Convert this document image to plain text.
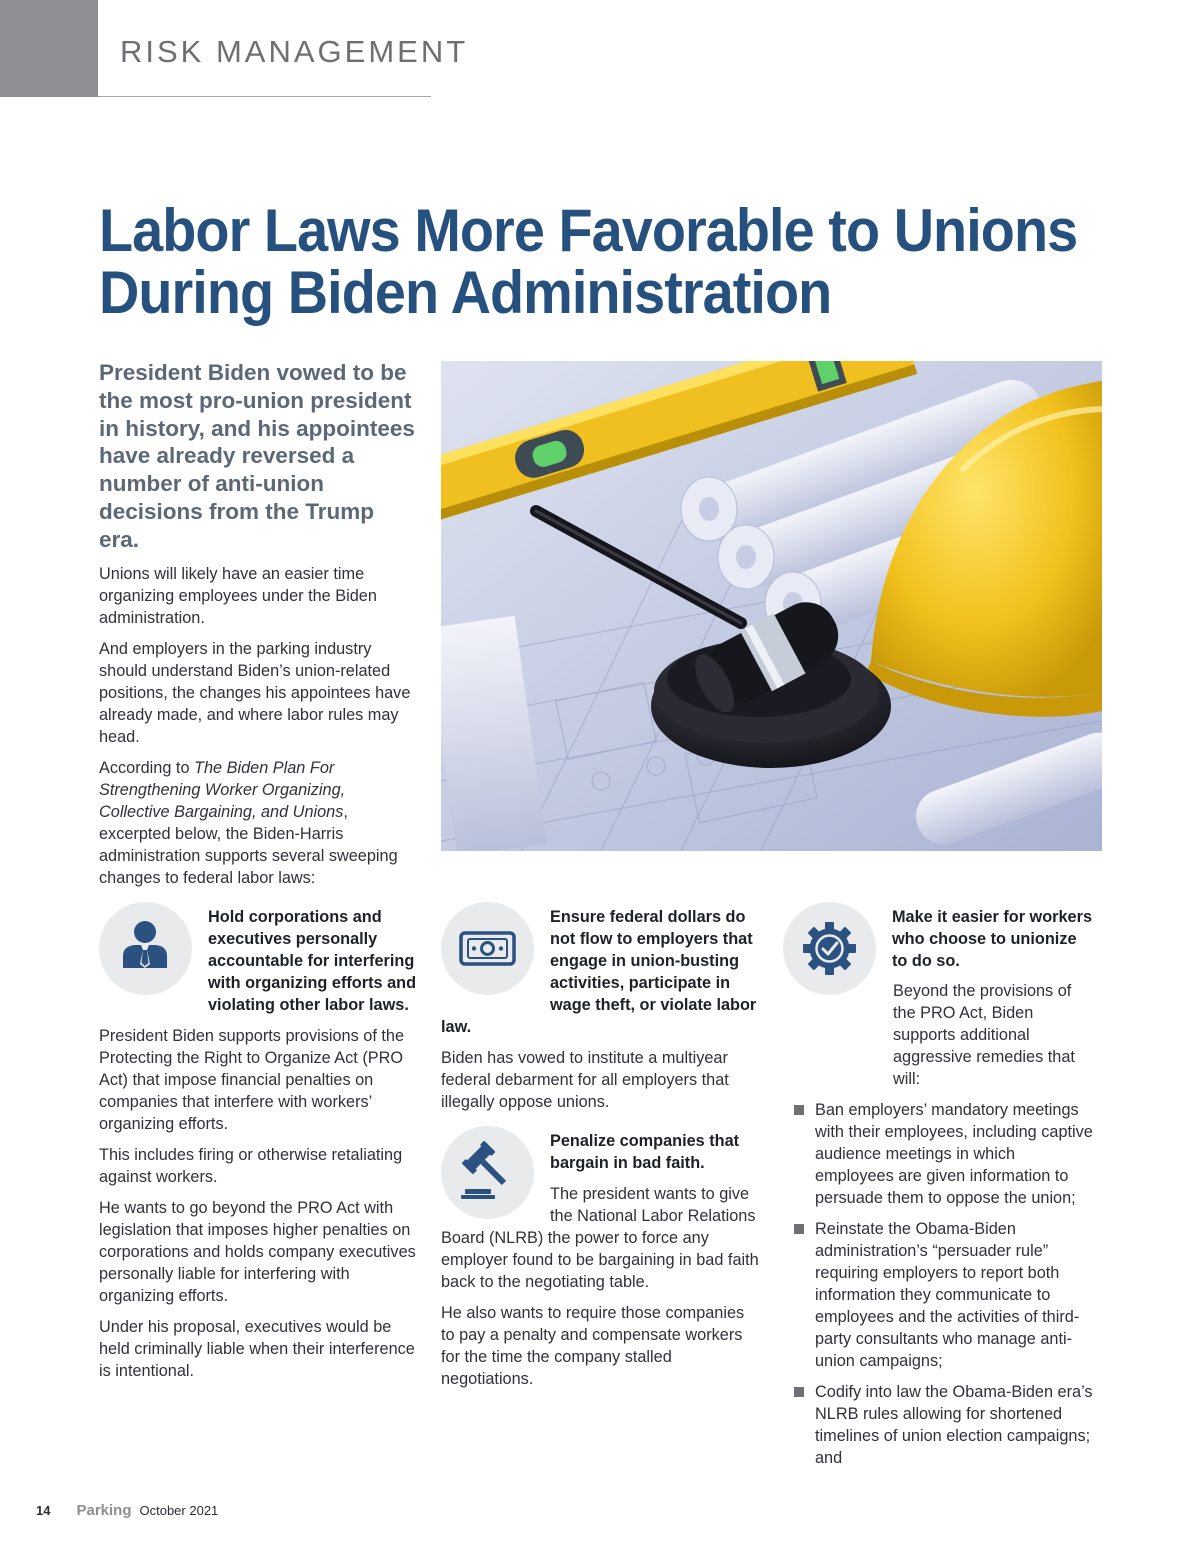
RISK MANAGEMENT
Labor Laws More Favorable to Unions
During Biden Administration
President Biden vowed to be the most pro-union president in history, and his appointees have already reversed a number of anti-union decisions from the Trump era.

Unions will likely have an easier time organizing employees under the Biden administration.

And employers in the parking industry should understand Biden’s union-related positions, the changes his appointees have already made, and where labor rules may head.

According to The Biden Plan For Strengthening Worker Organizing, Collective Bargaining, and Unions, excerpted below, the Biden-Harris administration supports several sweeping changes to federal labor laws:

Hold corporations and executives personally accountable for interfering with organizing efforts and violating other labor laws.

President Biden supports provisions of the Protecting the Right to Organize Act (PRO Act) that impose financial penalties on companies that interfere with workers’ organizing efforts.

This includes firing or otherwise retaliating against workers.

He wants to go beyond the PRO Act with legislation that imposes higher penalties on corporations and holds company executives personally liable for interfering with organizing efforts.

Under his proposal, executives would be held criminally liable when their interference is intentional.

Ensure federal dollars do not flow to employers that engage in union-busting activities, participate in wage theft, or violate labor law.

Biden has vowed to institute a multiyear federal debarment for all employers that illegally oppose unions.

Penalize companies that bargain in bad faith.

The president wants to give the National Labor Relations Board (NLRB) the power to force any employer found to be bargaining in bad faith back to the negotiating table.

He also wants to require those companies to pay a penalty and compensate workers for the time the company stalled negotiations.

Make it easier for workers who choose to unionize to do so.

Beyond the provisions of the PRO Act, Biden supports additional aggressive remedies that will:

Ban employers’ mandatory meetings with their employees, including captive audience meetings in which employees are given information to persuade them to oppose the union;
Reinstate the Obama-Biden administration’s “persuader rule” requiring employers to report both information they communicate to employees and the activities of third-party consultants who manage anti-union campaigns;
Codify into law the Obama-Biden era’s NLRB rules allowing for shortened timelines of union election campaigns; and
14 Parking October 2021
